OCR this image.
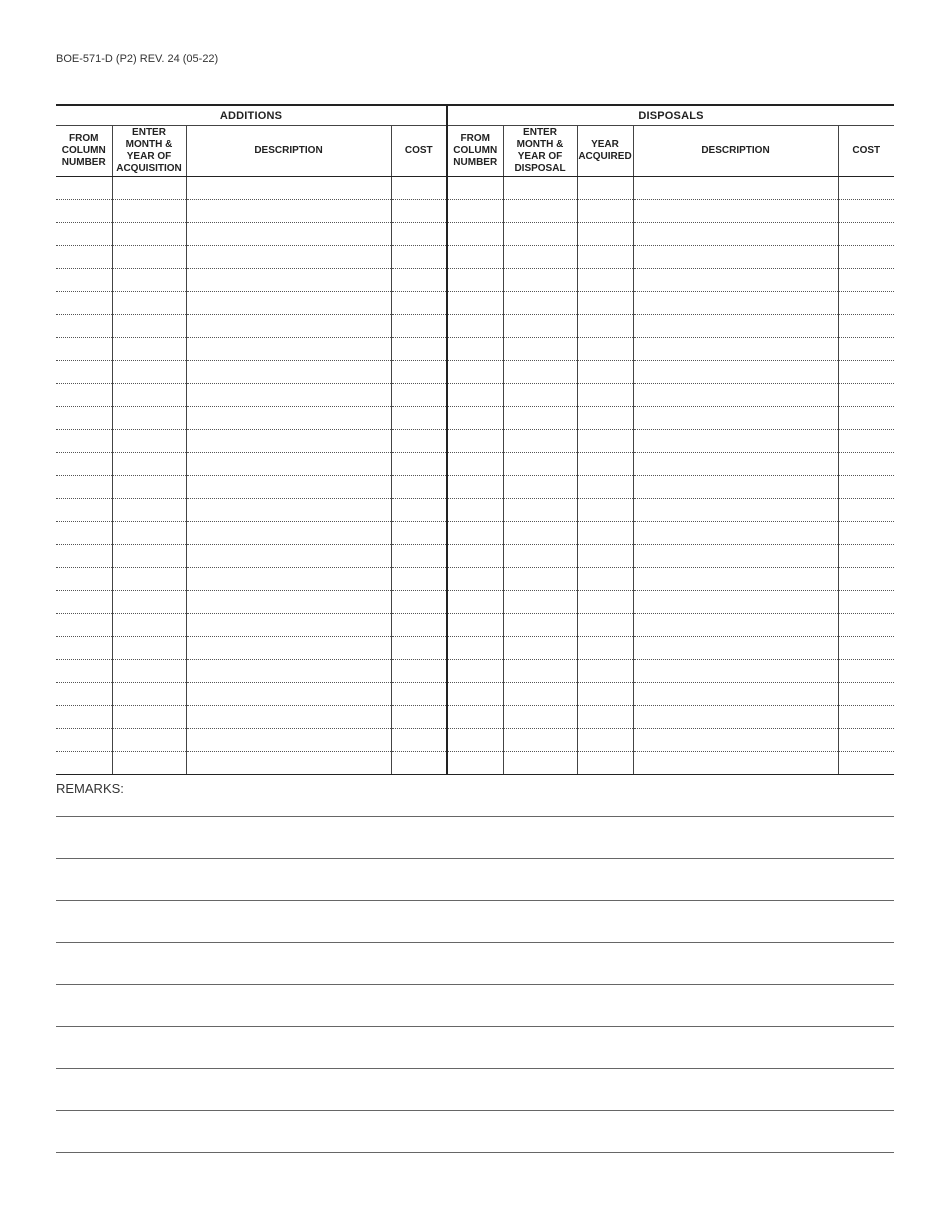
BOE-571-D (P2) REV. 24 (05-22)
ADDITIONS				DISPOSALS				
FROM COLUMN NUMBER	ENTER MONTH & YEAR OF ACQUISITION	DESCRIPTION	COST	FROM COLUMN NUMBER	ENTER MONTH & YEAR OF DISPOSAL	YEAR ACQUIRED	DESCRIPTION	COST

REMARKS:
